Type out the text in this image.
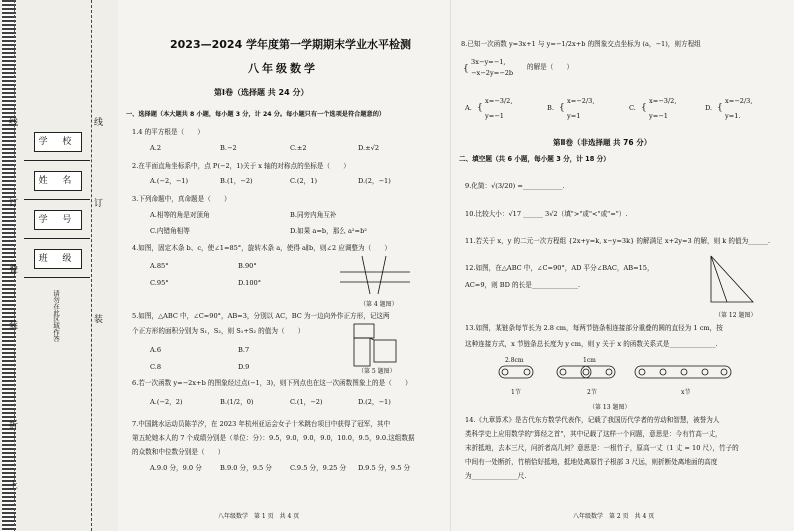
线	线
订	订
叠
装
装
折
上
学 校
姓 名
学 号
班 级
请勿在此区域作答
2023—2024 学年度第一学期期末学业水平检测
八年级数学
第Ⅰ卷（选择题 共 24 分）
一、选择题（本大题共 8 小题，每小题 3 分，计 24 分。每小题只有一个选项是符合题意的）
1.4 的平方根是（　　）
A.2	B.−2	C.±2	D.±√2
2.在平面直角坐标系中，点 P(−2，1)关于 x 轴的对称点的坐标是（　　）
A.(−2，−1)	B.(1，−2)	C.(2，1)	D.(2，−1)
3.下列命题中，真命题是（　　）
A.相等的角是对顶角	B.同旁内角互补
C.内错角相等	D.如果 a=b，那么 a²=b²
4.如图，固定木条 b、c，使∠1=85°，旋转木条 a，使得 a∥b，则∠2 应调整为（　　）
A.85°	B.90°
C.95°	D.100°
（第 4 题图）
5.如图，△ABC 中，∠C=90°，AB=3，分别以 AC，BC 为一边向外作正方形，记这两
个正方形的面积分别为 S₁，S₂，则 S₁+S₂ 的值为（　　）
A.6	B.7
C.8	D.9
（第 5 题图）
6.若一次函数 y=−2x+b 的图象经过点(−1，3)，则下列点也在这一次函数图象上的是（　　）
A.(−2，2)	B.(1/2，0)	C.(1，−2)	D.(2，−1)
7.中国跳水运动员陈芋汐，在 2023 年杭州亚运会女子十米跳台项目中获得了冠军，其中
第五轮她本人的 7 个成绩分别是（单位：分）：9.5，9.0，9.0，9.0，10.0，9.5，9.0.这组数据
的众数和中位数分别是（　　）
A.9.0 分，9.0 分	B.9.0 分，9.5 分	C.9.5 分，9.25 分 D.9.5 分，9.5 分
八年级数学　第 1 页　共 4 页
8.已知一次函数 y=3x+1 与 y=−1/2x+b 的图象交点坐标为 (a，−1)，则方程组
{
3x−y=−1,
−x−2y=−2b
的解是（　　）
A. {
x=−3/2,
y=−1
B. {
x=−2/3,
y=1
C. {
x=−3/2,
y=−1
D. {
x=−2/3,
y=1.
第Ⅱ卷（非选择题 共 76 分）
二、填空题（共 6 小题，每小题 3 分，计 18 分）
9.化简：√(3/20) =____________.
10.比较大小：√17 ______ 3√2（填">"或"<"或"="）.
11.若关于 x，y 的二元一次方程组 {2x+y=k, x−y=3k} 的解满足 x+2y=3 的解，则 k 的值为______.
12.如图，在△ABC 中，∠C=90°，AD 平分∠BAC，AB=15，
AC=9，则 BD 的长是______________.
（第 12 题图）
13.如图，某链条每节长为 2.8 cm，每两节链条相连接部分重叠的圆的直径为 1 cm，按
这种连接方式，x 节链条总长度为 y cm，则 y 关于 x 的函数关系式是______________.
2.8cm	1cm
1节	2节	x节
（第 13 题图）
14.《九章算术》是古代东方数学代表作，记载了我国历代学者的劳动和智慧，被誉为人
类科学史上应用数学的"算经之首"，其中记载了这样一个问题，意思是：今有竹高一丈，
末折抵地，去本三尺，问折者高几何？意思是：一根竹子，原高一丈（1 丈 = 10 尺），竹子的
中间有一处断折，竹梢恰好抵地，抵地处离原竹子根部 3 尺远，则折断处离地面的高度
为______________尺.
八年级数学　第 2 页　共 4 页
